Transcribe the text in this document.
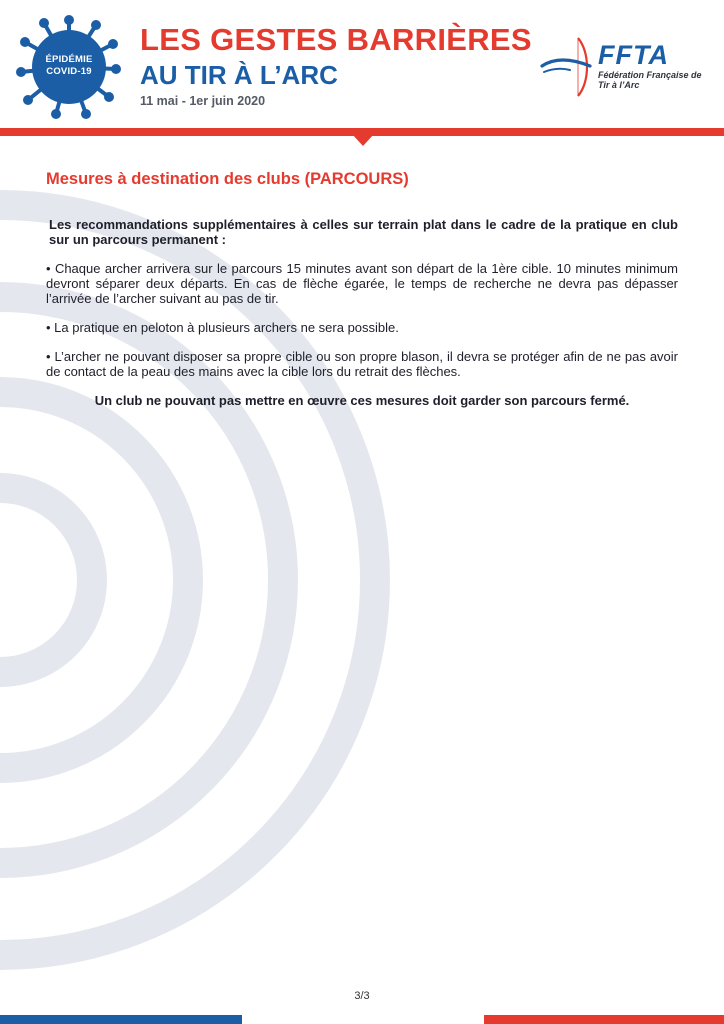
ÉPIDÉMIE
COVID-19
LES GESTES BARRIÈRES
AU TIR À L’ARC
11 mai - 1er juin 2020
FFTA
Fédération Française de Tir à l’Arc
Mesures à destination des clubs (PARCOURS)

Les recommandations supplémentaires à celles sur terrain plat dans le cadre de la pratique en club sur un parcours permanent :

• Chaque archer arrivera sur le parcours 15 minutes avant son départ de la 1ère cible. 10 minutes minimum devront séparer deux départs. En cas de flèche égarée, le temps de recherche ne devra pas dépasser l’arrivée de l’archer suivant au pas de tir.

• La pratique en peloton à plusieurs archers ne sera possible.

• L’archer ne pouvant disposer sa propre cible ou son propre blason, il devra se protéger afin de ne pas avoir de contact de la peau des mains avec la cible lors du retrait des flèches.

Un club ne pouvant pas mettre en œuvre ces mesures doit garder son parcours fermé.

3/3
